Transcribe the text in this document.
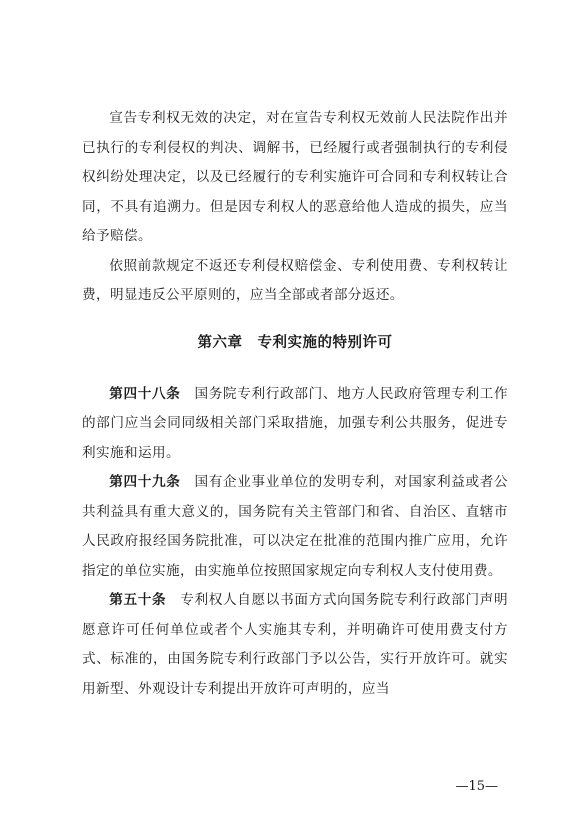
宣告专利权无效的决定，对在宣告专利权无效前人民法院作出并已执行的专利侵权的判决、调解书，已经履行或者强制执行的专利侵权纠纷处理决定，以及已经履行的专利实施许可合同和专利权转让合同，不具有追溯力。但是因专利权人的恶意给他人造成的损失，应当给予赔偿。

依照前款规定不返还专利侵权赔偿金、专利使用费、专利权转让费，明显违反公平原则的，应当全部或者部分返还。

第六章　专利实施的特别许可

第四十八条 国务院专利行政部门、地方人民政府管理专利工作的部门应当会同同级相关部门采取措施，加强专利公共服务，促进专利实施和运用。

第四十九条 国有企业事业单位的发明专利，对国家利益或者公共利益具有重大意义的，国务院有关主管部门和省、自治区、直辖市人民政府报经国务院批准，可以决定在批准的范围内推广应用，允许指定的单位实施，由实施单位按照国家规定向专利权人支付使用费。

第五十条 专利权人自愿以书面方式向国务院专利行政部门声明愿意许可任何单位或者个人实施其专利，并明确许可使用费支付方式、标准的，由国务院专利行政部门予以公告，实行开放许可。就实用新型、外观设计专利提出开放许可声明的，应当

—15—
